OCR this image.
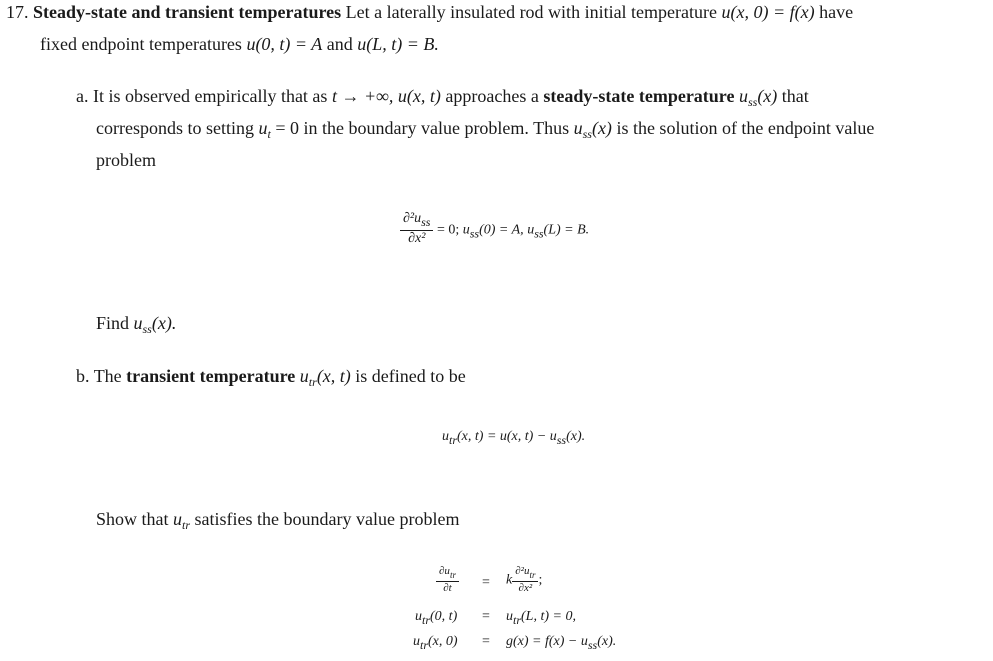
17. Steady-state and transient temperatures Let a laterally insulated rod with initial temperature u(x, 0) = f(x) have
fixed endpoint temperatures u(0, t) = A and u(L, t) = B.
a. It is observed empirically that as t → +∞, u(x, t) approaches a steady-state temperature $u_{ss}(x)$ that
corresponds to setting $u_t = 0$ in the boundary value problem. Thus $u_{ss}(x)$ is the solution of the endpoint value
problem
$\frac{\text{∂²uss}}{\text{∂x²}} = 0$; $u_{ss}(0) = A$, $u_{ss}(L) = B$.
Find $u_{ss}(x)$.
b. The transient temperature $u_{tr}(x$, t) is defined to be
utr(x, t) = u(x, t) − uss(x).
Show that $u_{tr}$ satisfies the boundary value problem
$\frac{\partial u_{tr}}{\partial t} = k \frac{\partial^2u_{tr}}{\text{∂x²}}$ ;
utr(0, t) = utr(L, t) = 0,
utr(x, 0) = g(x) = f(x) − uss(x).
